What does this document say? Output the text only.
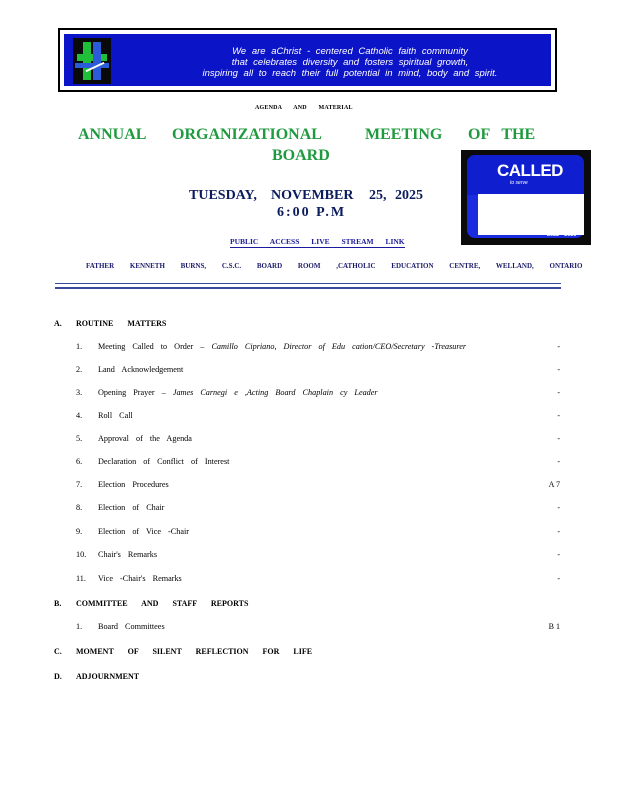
We are aChrist - centered Catholic faith community
that celebrates diversity and fosters spiritual growth,
inspiring all to reach their full potential in mind, body and spirit.
AGENDA AND MATERIAL
ANNUAL ORGANIZATIONAL	MEETING OF THE
BOARD
TUESDAY, NOVEMBER 25, 2025
6:00 P.M
PUBLIC ACCESS LIVE STREAM LINK
FATHER KENNETH BURNS, C.S.C. BOARD ROOM ,CATHOLIC EDUCATION CENTRE, WELLAND, ONTARIO
CALLED
to serve
2022 • 2026
A. ROUTINE MATTERS
1. Meeting Called to Order – Camillo Cipriano, Director of Edu cation/CEO/Secretary -Treasurer	-
2. Land Acknowledgement	-
3. Opening Prayer – James Carnegi e ,Acting Board Chaplain cy Leader	-
4. Roll Call	-
5. Approval of the Agenda	-
6. Declaration of Conflict of Interest	-
7. Election Procedures	A 7
8. Election of Chair	-
9. Election of Vice -Chair	-
10. Chair's Remarks	-
11. Vice -Chair's Remarks	-
B. COMMITTEE AND STAFF REPORTS
1. Board Committees	B 1
C. MOMENT OF SILENT REFLECTION FOR LIFE
D. ADJOURNMENT
